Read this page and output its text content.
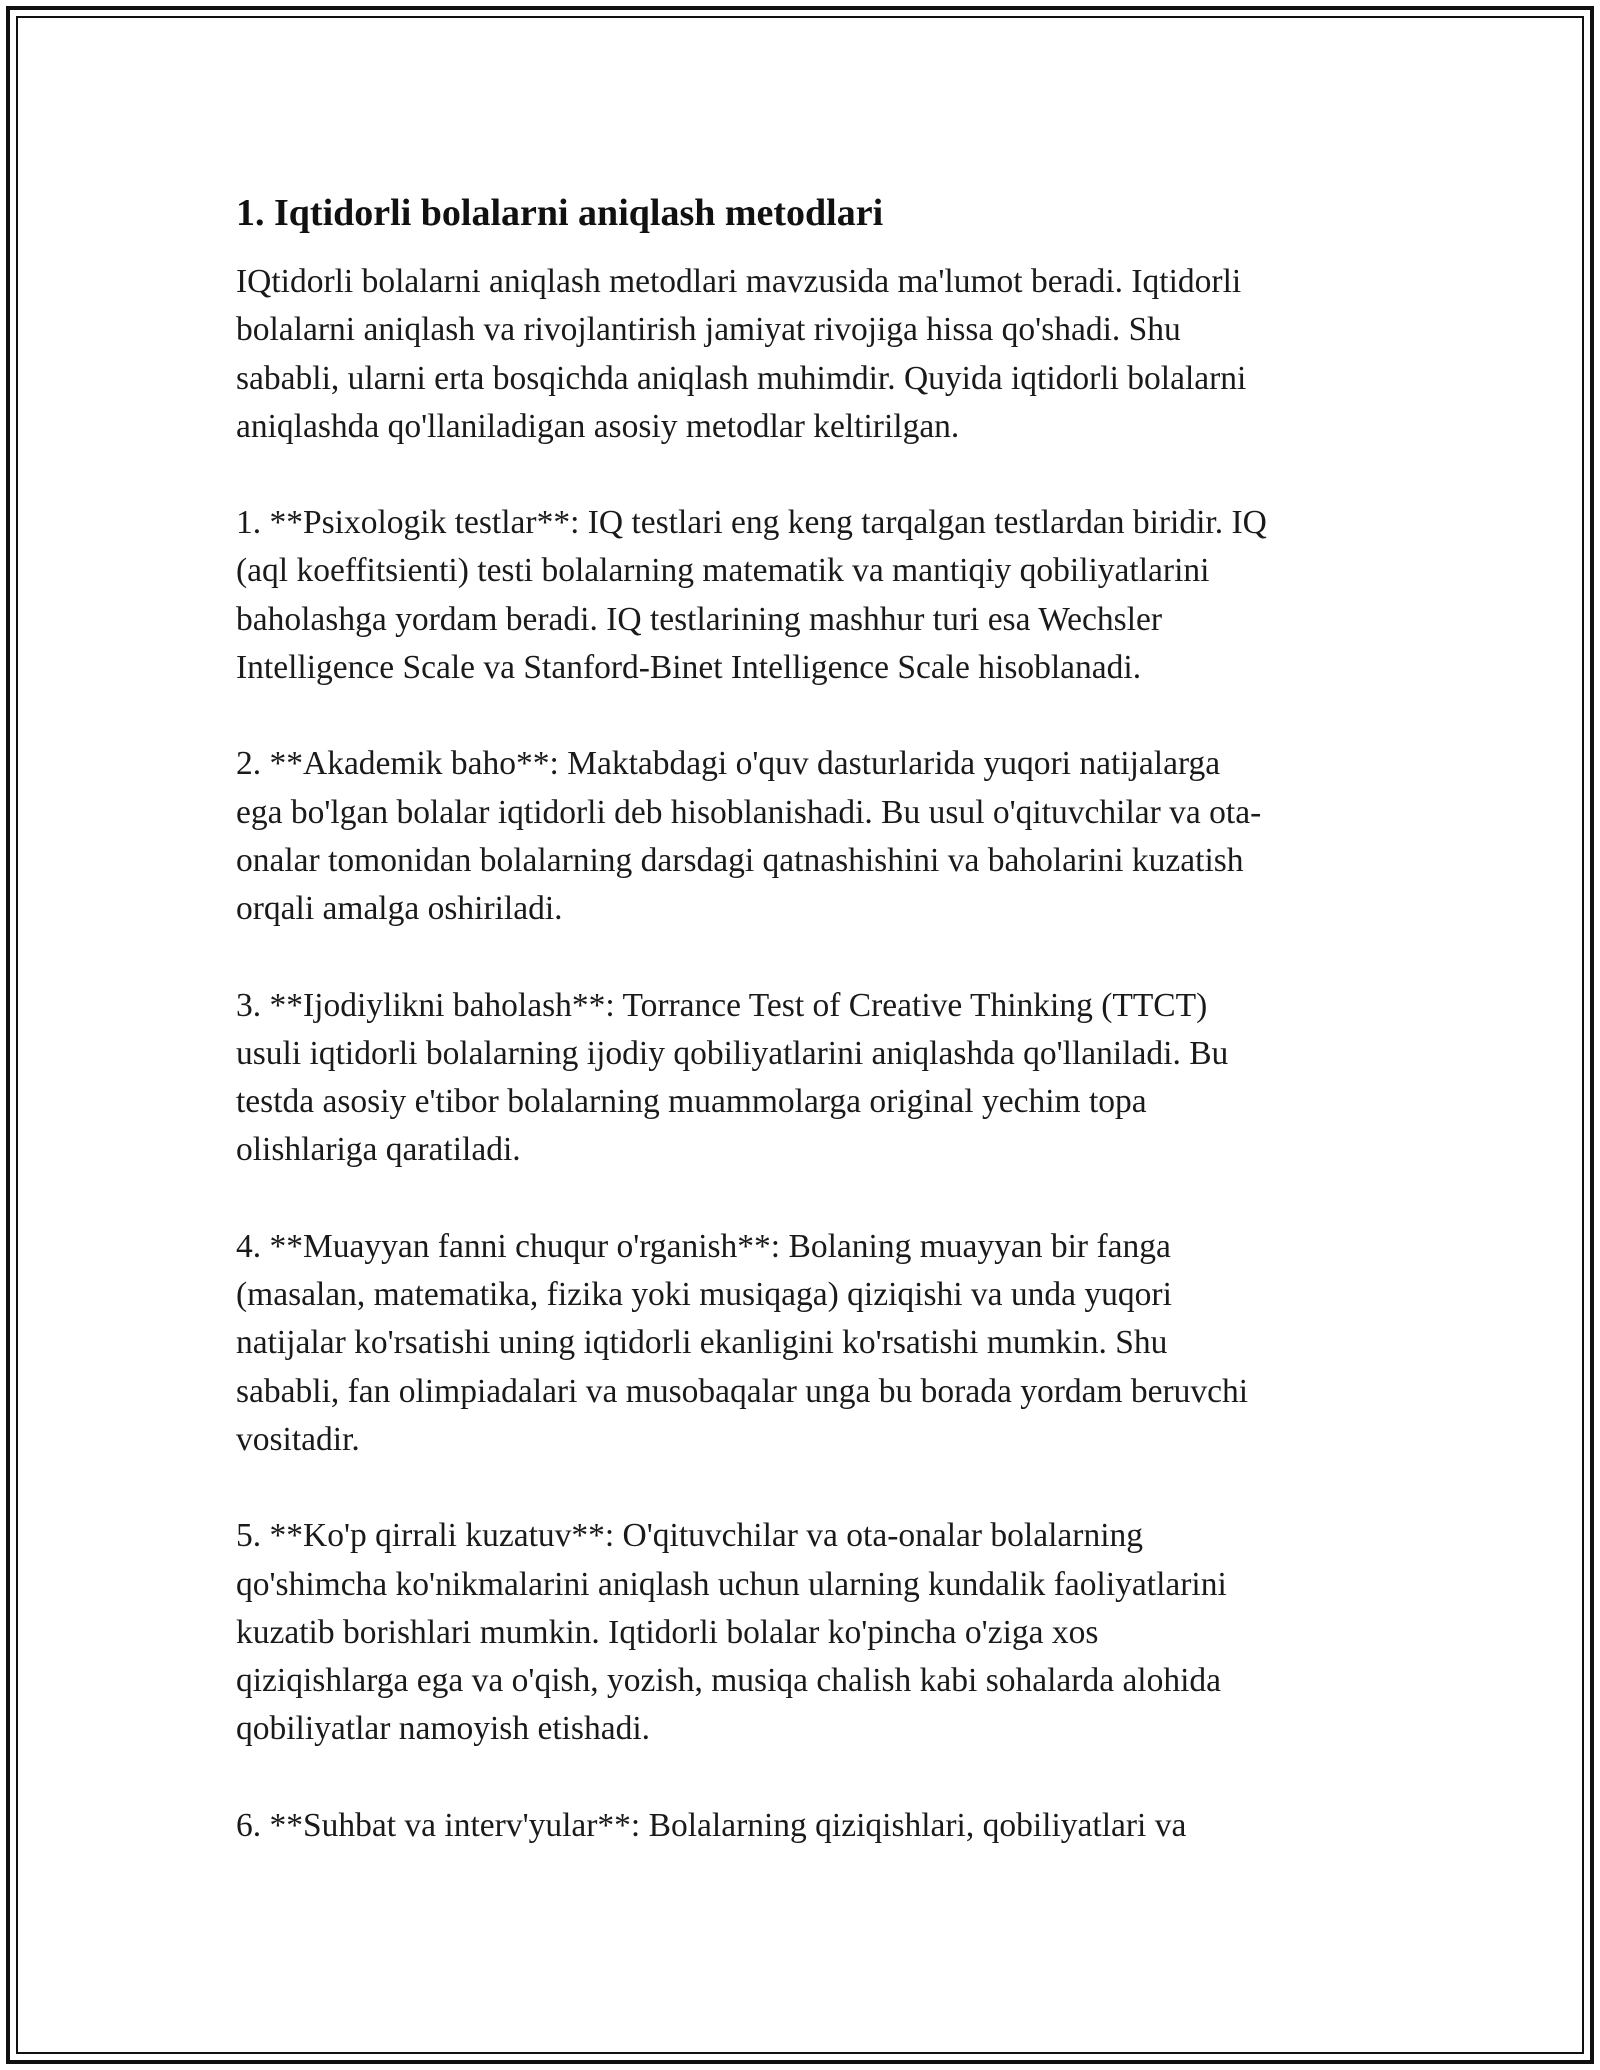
1. Iqtidorli bolalarni aniqlash metodlari

IQtidorli bolalarni aniqlash metodlari mavzusida ma'lumot beradi. Iqtidorli
bolalarni aniqlash va rivojlantirish jamiyat rivojiga hissa qo'shadi. Shu
sababli, ularni erta bosqichda aniqlash muhimdir. Quyida iqtidorli bolalarni
aniqlashda qo'llaniladigan asosiy metodlar keltirilgan.

1. **Psixologik testlar**: IQ testlari eng keng tarqalgan testlardan biridir. IQ
(aql koeffitsienti) testi bolalarning matematik va mantiqiy qobiliyatlarini
baholashga yordam beradi. IQ testlarining mashhur turi esa Wechsler
Intelligence Scale va Stanford-Binet Intelligence Scale hisoblanadi.

2. **Akademik baho**: Maktabdagi o'quv dasturlarida yuqori natijalarga
ega bo'lgan bolalar iqtidorli deb hisoblanishadi. Bu usul o'qituvchilar va ota-
onalar tomonidan bolalarning darsdagi qatnashishini va baholarini kuzatish
orqali amalga oshiriladi.

3. **Ijodiylikni baholash**: Torrance Test of Creative Thinking (TTCT)
usuli iqtidorli bolalarning ijodiy qobiliyatlarini aniqlashda qo'llaniladi. Bu
testda asosiy e'tibor bolalarning muammolarga original yechim topa
olishlariga qaratiladi.

4. **Muayyan fanni chuqur o'rganish**: Bolaning muayyan bir fanga
(masalan, matematika, fizika yoki musiqaga) qiziqishi va unda yuqori
natijalar ko'rsatishi uning iqtidorli ekanligini ko'rsatishi mumkin. Shu
sababli, fan olimpiadalari va musobaqalar unga bu borada yordam beruvchi
vositadir.

5. **Ko'p qirrali kuzatuv**: O'qituvchilar va ota-onalar bolalarning
qo'shimcha ko'nikmalarini aniqlash uchun ularning kundalik faoliyatlarini
kuzatib borishlari mumkin. Iqtidorli bolalar ko'pincha o'ziga xos
qiziqishlarga ega va o'qish, yozish, musiqa chalish kabi sohalarda alohida
qobiliyatlar namoyish etishadi.

6. **Suhbat va interv'yular**: Bolalarning qiziqishlari, qobiliyatlari va
